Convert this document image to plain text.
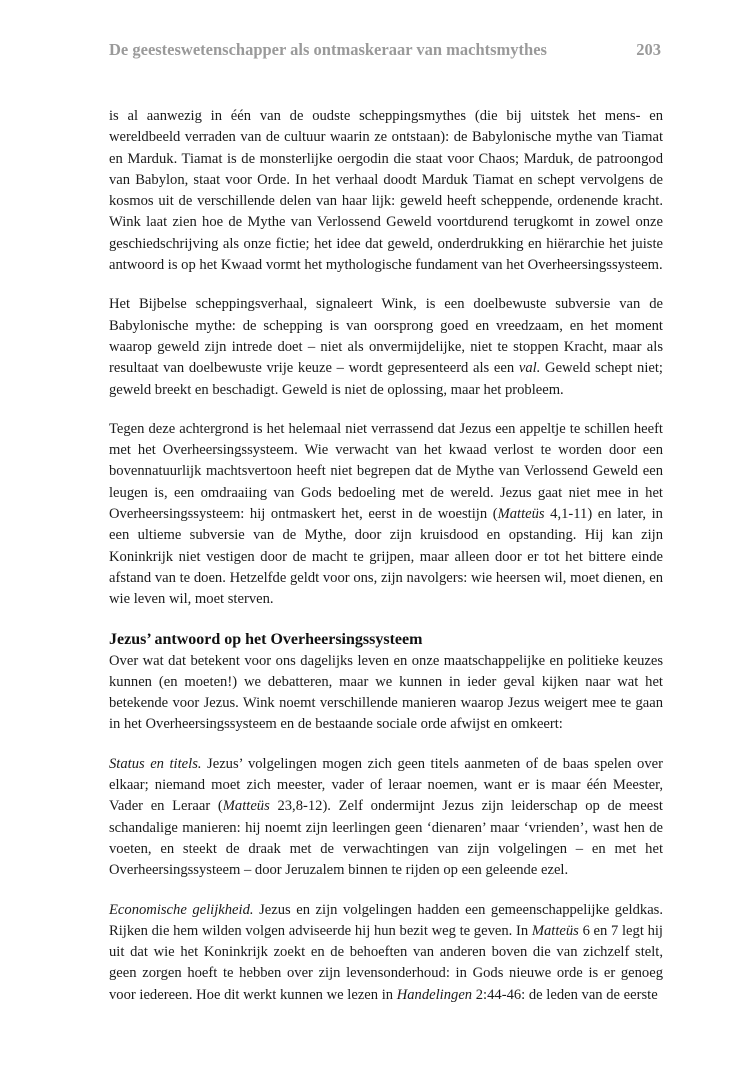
De geesteswetenschapper als ontmaskeraar van machtsmythes	203

is al aanwezig in één van de oudste scheppingsmythes (die bij uitstek het mens- en wereldbeeld verraden van de cultuur waarin ze ontstaan): de Babylonische mythe van Tiamat en Marduk. Tiamat is de monsterlijke oergodin die staat voor Chaos; Marduk, de patroongod van Babylon, staat voor Orde. In het verhaal doodt Marduk Tiamat en schept vervolgens de kosmos uit de verschillende delen van haar lijk: geweld heeft scheppende, ordenende kracht. Wink laat zien hoe de Mythe van Verlossend Geweld voortdurend terugkomt in zowel onze geschiedschrijving als onze fictie; het idee dat geweld, onderdrukking en hiërarchie het juiste antwoord is op het Kwaad vormt het mythologische fundament van het Overheersingssysteem.

Het Bijbelse scheppingsverhaal, signaleert Wink, is een doelbewuste subversie van de Babylonische mythe: de schepping is van oorsprong goed en vreedzaam, en het moment waarop geweld zijn intrede doet – niet als onvermijdelijke, niet te stoppen Kracht, maar als resultaat van doelbewuste vrije keuze – wordt gepresenteerd als een val. Geweld schept niet; geweld breekt en beschadigt. Geweld is niet de oplossing, maar het probleem.

Tegen deze achtergrond is het helemaal niet verrassend dat Jezus een appeltje te schillen heeft met het Overheersingssysteem. Wie verwacht van het kwaad verlost te worden door een bovennatuurlijk machtsvertoon heeft niet begrepen dat de Mythe van Verlossend Geweld een leugen is, een omdraaiing van Gods bedoeling met de wereld. Jezus gaat niet mee in het Overheersingssysteem: hij ontmaskert het, eerst in de woestijn (Matteüs 4,1-11) en later, in een ultieme subversie van de Mythe, door zijn kruisdood en opstanding. Hij kan zijn Koninkrijk niet vestigen door de macht te grijpen, maar alleen door er tot het bittere einde afstand van te doen. Hetzelfde geldt voor ons, zijn navolgers: wie heersen wil, moet dienen, en wie leven wil, moet sterven.

Jezus’ antwoord op het Overheersingssysteem

Over wat dat betekent voor ons dagelijks leven en onze maatschappelijke en politieke keuzes kunnen (en moeten!) we debatteren, maar we kunnen in ieder geval kijken naar wat het betekende voor Jezus. Wink noemt verschillende manieren waarop Jezus weigert mee te gaan in het Overheersingssysteem en de bestaande sociale orde afwijst en omkeert:

Status en titels. Jezus’ volgelingen mogen zich geen titels aanmeten of de baas spelen over elkaar; niemand moet zich meester, vader of leraar noemen, want er is maar één Meester, Vader en Leraar (Matteüs 23,8-12). Zelf ondermijnt Jezus zijn leiderschap op de meest schandalige manieren: hij noemt zijn leerlingen geen ‘dienaren’ maar ‘vrienden’, wast hen de voeten, en steekt de draak met de verwachtingen van zijn volgelingen – en met het Overheersingssysteem – door Jeruzalem binnen te rijden op een geleende ezel.

Economische gelijkheid. Jezus en zijn volgelingen hadden een gemeenschappelijke geldkas. Rijken die hem wilden volgen adviseerde hij hun bezit weg te geven. In Matteüs 6 en 7 legt hij uit dat wie het Koninkrijk zoekt en de behoeften van anderen boven die van zichzelf stelt, geen zorgen hoeft te hebben over zijn levensonderhoud: in Gods nieuwe orde is er genoeg voor iedereen. Hoe dit werkt kunnen we lezen in Handelingen 2:44-46: de leden van de eerste
